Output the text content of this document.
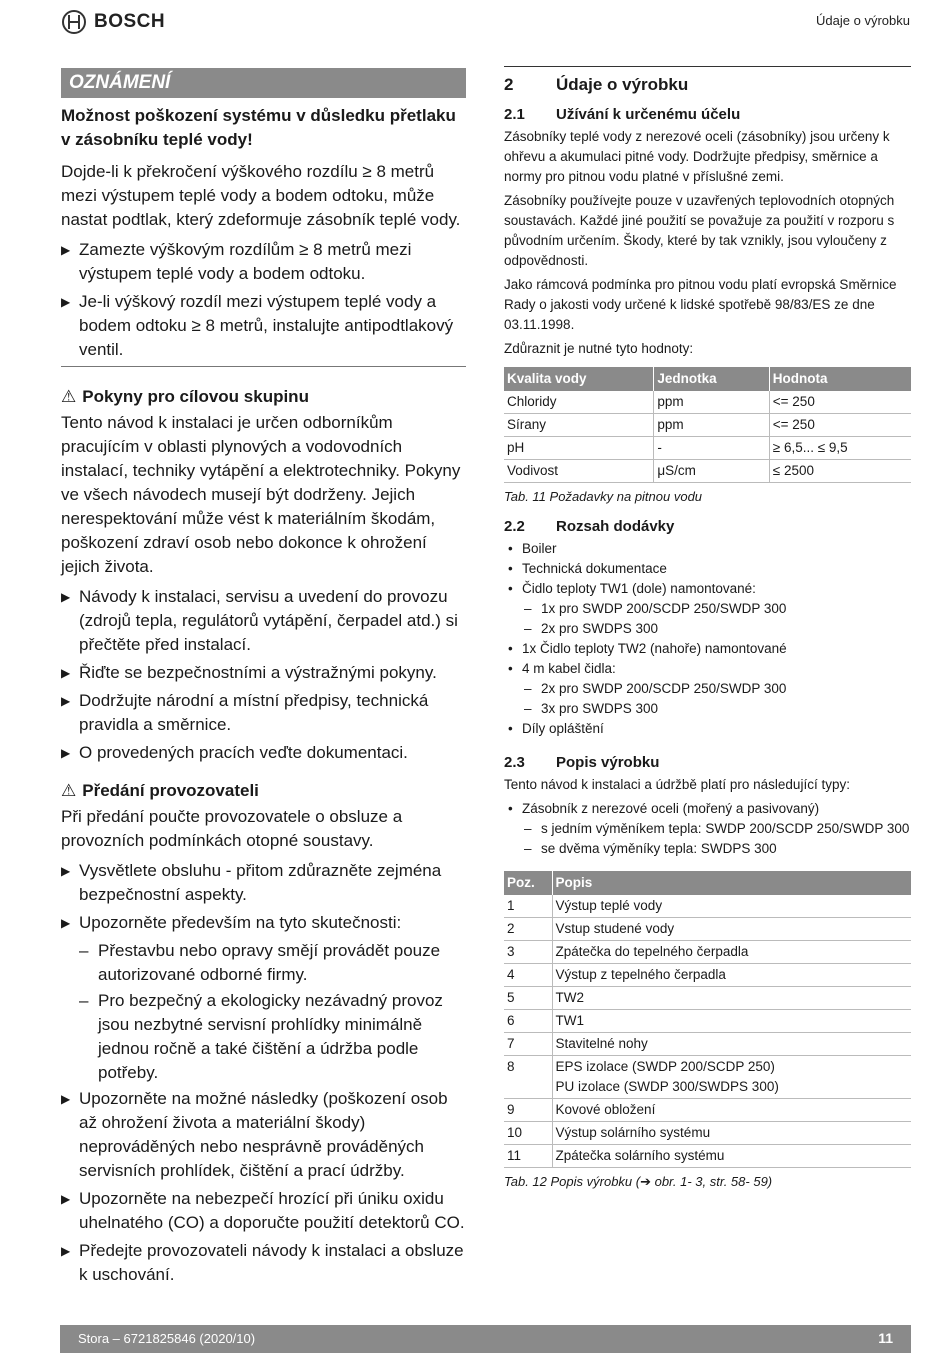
BOSCH	Údaje o výrobku
OZNÁMENÍ
Možnost poškození systému v důsledku přetlaku v zásobníku teplé vody!
Dojde-li k překročení výškového rozdílu ≥ 8 metrů mezi výstupem teplé vody a bodem odtoku, může nastat podtlak, který zdeformuje zásobník teplé vody.
▶ Zamezte výškovým rozdílům ≥ 8 metrů mezi výstupem teplé vody a bodem odtoku.
▶ Je-li výškový rozdíl mezi výstupem teplé vody a bodem odtoku ≥ 8 metrů, instalujte antipodtlakový ventil.
⚠ Pokyny pro cílovou skupinu
Tento návod k instalaci je určen odborníkům pracujícím v oblasti plynových a vodovodních instalací, techniky vytápění a elektrotechniky. Pokyny ve všech návodech musejí být dodrženy. Jejich nerespektování může vést k materiálním škodám, poškození zdraví osob nebo dokonce k ohrožení jejich života.
▶ Návody k instalaci, servisu a uvedení do provozu (zdrojů tepla, regulátorů vytápění, čerpadel atd.) si přečtěte před instalací.
▶ Řiďte se bezpečnostními a výstražnými pokyny.
▶ Dodržujte národní a místní předpisy, technická pravidla a směrnice.
▶ O provedených pracích veďte dokumentaci.
⚠ Předání provozovateli
Při předání poučte provozovatele o obsluze a provozních podmínkách otopné soustavy.
▶ Vysvětlete obsluhu - přitom zdůrazněte zejména bezpečnostní aspekty.
▶ Upozorněte především na tyto skutečnosti:
– Přestavbu nebo opravy smějí provádět pouze autorizované odborné firmy.
– Pro bezpečný a ekologicky nezávadný provoz jsou nezbytné servisní prohlídky minimálně jednou ročně a také čištění a údržba podle potřeby.
▶ Upozorněte na možné následky (poškození osob až ohrožení života a materiální škody) neprováděných nebo nesprávně prováděných servisních prohlídek, čištění a prací údržby.
▶ Upozorněte na nebezpečí hrozící při úniku oxidu uhelnatého (CO) a doporučte použití detektorů CO.
▶ Předejte provozovateli návody k instalaci a obsluze k uschování.
2	Údaje o výrobku
2.1	Užívání k určenému účelu
Zásobníky teplé vody z nerezové oceli (zásobníky) jsou určeny k ohřevu a akumulaci pitné vody. Dodržujte předpisy, směrnice a normy pro pitnou vodu platné v příslušné zemi.
Zásobníky používejte pouze v uzavřených teplovodních otopných soustavách. Každé jiné použití se považuje za použití v rozporu s původním určením. Škody, které by tak vznikly, jsou vyloučeny z odpovědnosti.
Jako rámcová podmínka pro pitnou vodu platí evropská Směrnice Rady o jakosti vody určené k lidské spotřebě 98/83/ES ze dne 03.11.1998.
Zdůraznit je nutné tyto hodnoty:
Kvalita vody	Jednotka	Hodnota
Chloridy	ppm	<= 250
Sírany	ppm	<= 250
pH	-	≥ 6,5... ≤ 9,5
Vodivost	μS/cm	≤ 2500
Tab. 11 Požadavky na pitnou vodu
2.2	Rozsah dodávky
• Boiler
• Technická dokumentace
• Čidlo teploty TW1 (dole) namontované:
– 1x pro SWDP 200/SCDP 250/SWDP 300
– 2x pro SWDPS 300
• 1x Čidlo teploty TW2 (nahoře) namontované
• 4 m kabel čidla:
– 2x pro SWDP 200/SCDP 250/SWDP 300
– 3x pro SWDPS 300
• Díly opláštění
2.3	Popis výrobku
Tento návod k instalaci a údržbě platí pro následující typy:
• Zásobník z nerezové oceli (mořený a pasivovaný)
– s jedním výměníkem tepla: SWDP 200/SCDP 250/SWDP 300
– se dvěma výměníky tepla: SWDPS 300
Poz.	Popis
1	Výstup teplé vody
2	Vstup studené vody
3	Zpátečka do tepelného čerpadla
4	Výstup z tepelného čerpadla
5	TW2
6	TW1
7	Stavitelné nohy
8	EPS izolace (SWDP 200/SCDP 250)
PU izolace (SWDP 300/SWDPS 300)
9	Kovové obložení
10	Výstup solárního systému
11	Zpátečka solárního systému
Tab. 12 Popis výrobku (➔ obr. 1- 3, str. 58- 59)
Stora – 6721825846 (2020/10)	11
